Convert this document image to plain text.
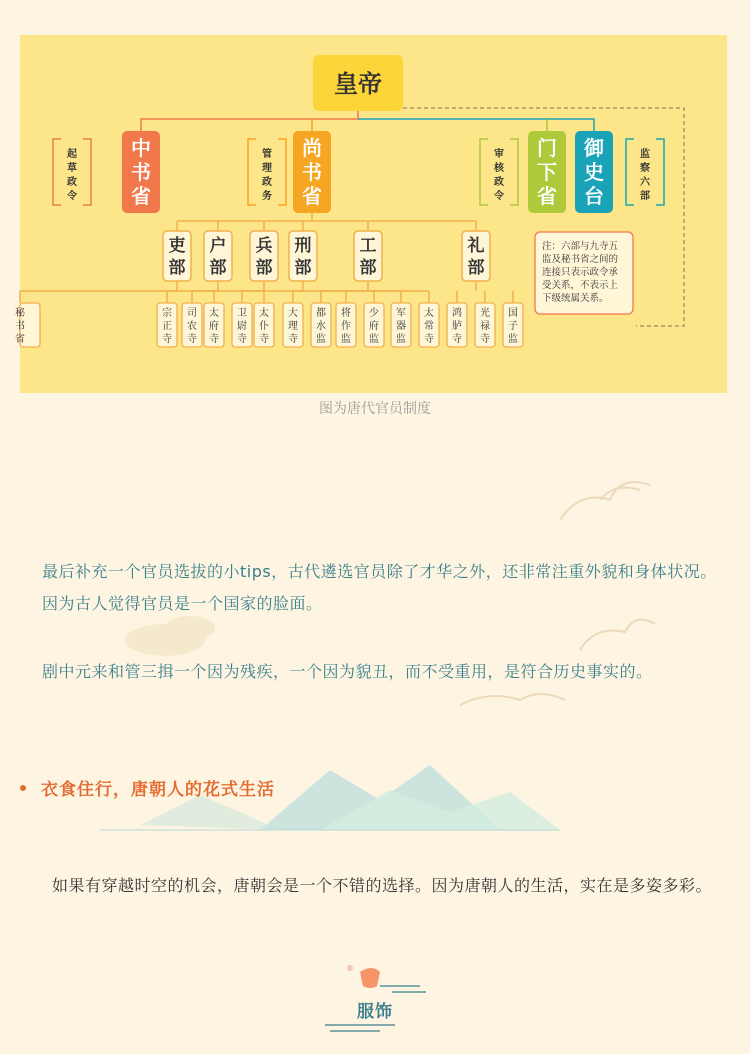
皇帝
中
书
省
尚
书
省
门
下
省
御
史
台
起
草
政
令
管
理
政
务
审
核
政
令
监
察
六
部
吏
部
宗
正
寺
户
部
司
农
寺
太
府
寺
兵
部
卫
尉
寺
太
仆
寺
刑
部
大
理
寺
工
部
都
水
监
将
作
监
少
府
监
军
器
监
礼
部
太
常
寺
鸿
胪
寺
光
禄
寺
国
子
监
秘
书
省
注：六部与九寺五
监及秘书省之间的
连接只表示政令承
受关系，不表示上
下级统属关系。
图为唐代官员制度
最后补充一个官员选拔的小tips，古代遴选官员除了才华之外，还非常注重外貌和身体状况。因为古人觉得官员是一个国家的脸面。
剧中元来和管三揖一个因为残疾，一个因为貌丑，而不受重用，是符合历史事实的。
衣食住行，唐朝人的花式生活
如果有穿越时空的机会，唐朝会是一个不错的选择。因为唐朝人的生活，实在是多姿多彩。
服饰
